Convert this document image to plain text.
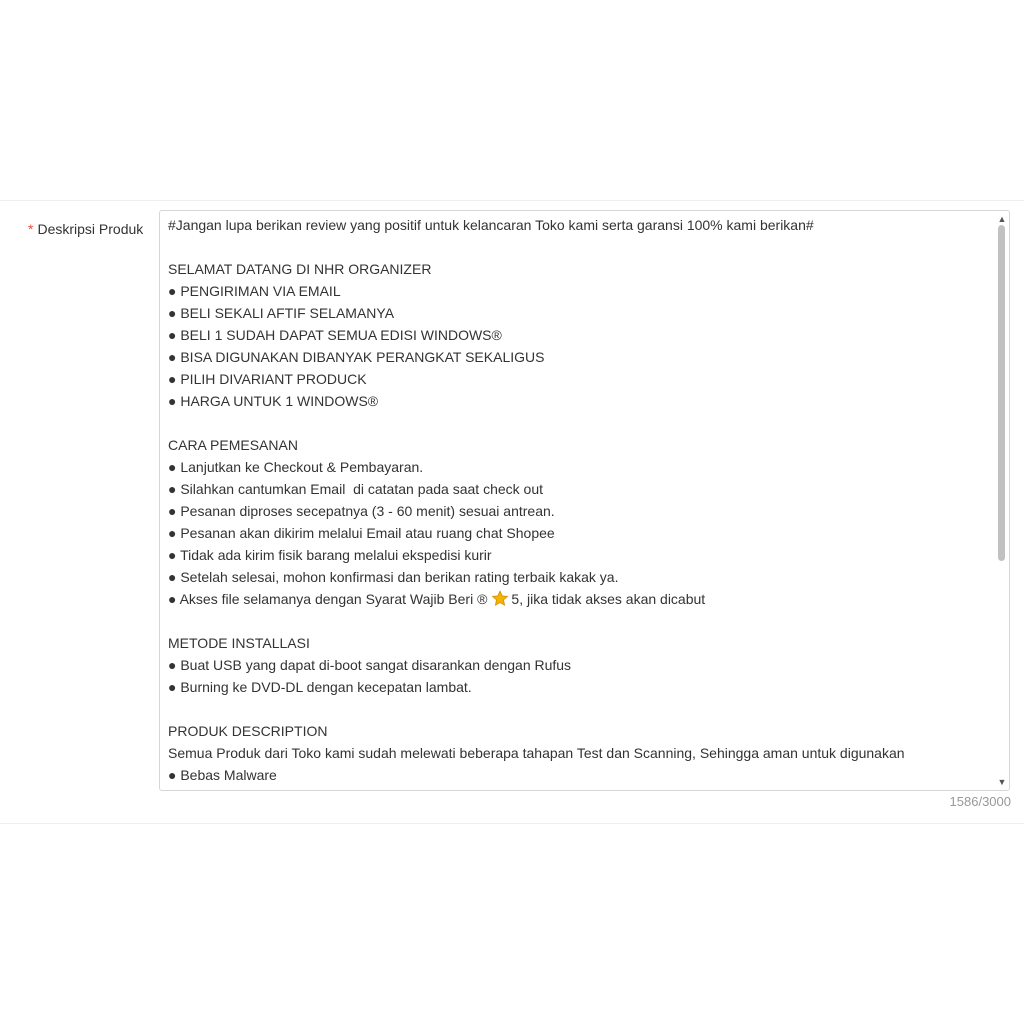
* Deskripsi Produk #Jangan lupa berikan review yang positif untuk kelancaran Toko kami serta garansi 100% kami berikan#

SELAMAT DATANG DI NHR ORGANIZER
● PENGIRIMAN VIA EMAIL
● BELI SEKALI AFTIF SELAMANYA
● BELI 1 SUDAH DAPAT SEMUA EDISI WINDOWS®
● BISA DIGUNAKAN DIBANYAK PERANGKAT SEKALIGUS
● PILIH DIVARIANT PRODUCK
● HARGA UNTUK 1 WINDOWS®

CARA PEMESANAN
● Lanjutkan ke Checkout & Pembayaran.
● Silahkan cantumkan Email  di catatan pada saat check out
● Pesanan diproses secepatnya (3 - 60 menit) sesuai antrean.
● Pesanan akan dikirim melalui Email atau ruang chat Shopee
● Tidak ada kirim fisik barang melalui ekspedisi kurir
● Setelah selesai, mohon konfirmasi dan berikan rating terbaik kakak ya.
● Akses file selamanya dengan Syarat Wajib Beri ® 5, jika tidak akses akan dicabut

METODE INSTALLASI
● Buat USB yang dapat di-boot sangat disarankan dengan Rufus
● Burning ke DVD-DL dengan kecepatan lambat.

PRODUK DESCRIPTION
Semua Produk dari Toko kami sudah melewati beberapa tahapan Test dan Scanning, Sehingga aman untuk digunakan
● Bebas Malware
▲
▼
1586/3000
